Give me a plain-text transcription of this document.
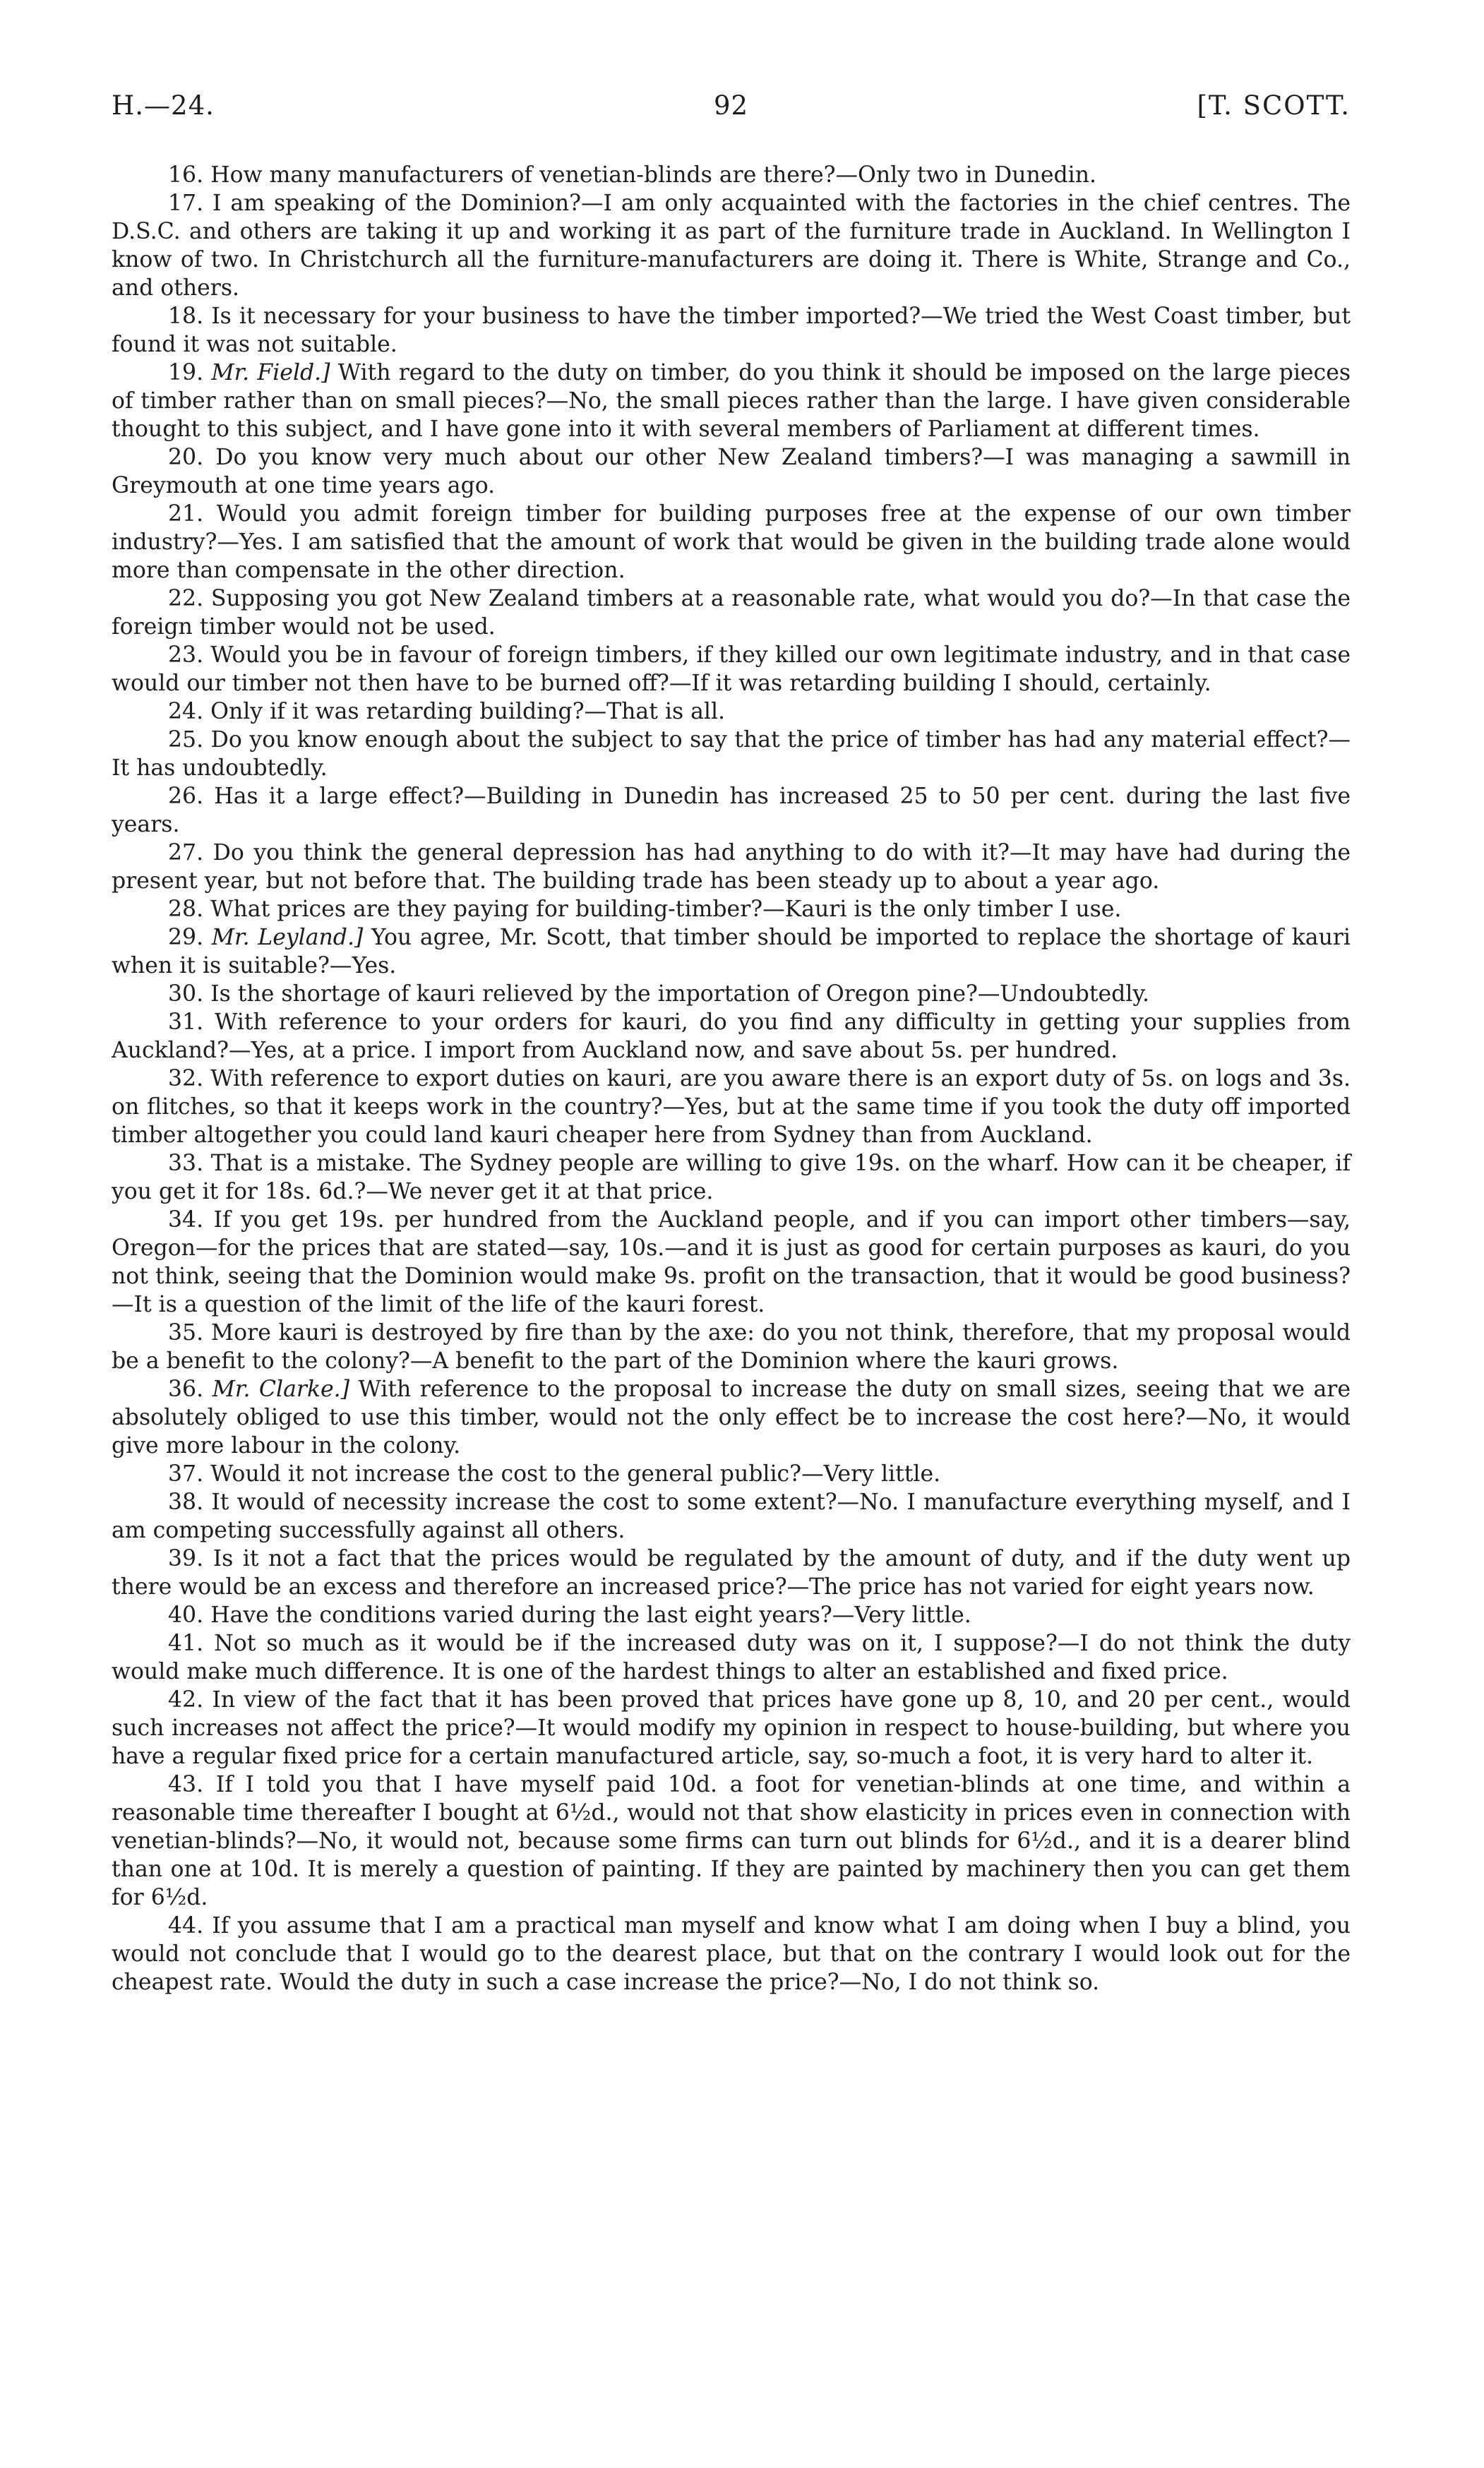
H.—24.	92	[T. SCOTT.

16. How many manufacturers of venetian-blinds are there?—Only two in Dunedin.

17. I am speaking of the Dominion?—I am only acquainted with the factories in the chief centres. The D.S.C. and others are taking it up and working it as part of the furniture trade in Auckland. In Wellington I know of two. In Christchurch all the furniture-manufacturers are doing it. There is White, Strange and Co., and others.

18. Is it necessary for your business to have the timber imported?—We tried the West Coast timber, but found it was not suitable.

19. Mr. Field.] With regard to the duty on timber, do you think it should be imposed on the large pieces of timber rather than on small pieces?—No, the small pieces rather than the large. I have given considerable thought to this subject, and I have gone into it with several members of Parliament at different times.

20. Do you know very much about our other New Zealand timbers?—I was managing a sawmill in Greymouth at one time years ago.

21. Would you admit foreign timber for building purposes free at the expense of our own timber industry?—Yes. I am satisfied that the amount of work that would be given in the building trade alone would more than compensate in the other direction.

22. Supposing you got New Zealand timbers at a reasonable rate, what would you do?—In that case the foreign timber would not be used.

23. Would you be in favour of foreign timbers, if they killed our own legitimate industry, and in that case would our timber not then have to be burned off?—If it was retarding building I should, certainly.

24. Only if it was retarding building?—That is all.

25. Do you know enough about the subject to say that the price of timber has had any material effect?—It has undoubtedly.

26. Has it a large effect?—Building in Dunedin has increased 25 to 50 per cent. during the last five years.

27. Do you think the general depression has had anything to do with it?—It may have had during the present year, but not before that. The building trade has been steady up to about a year ago.

28. What prices are they paying for building-timber?—Kauri is the only timber I use.

29. Mr. Leyland.] You agree, Mr. Scott, that timber should be imported to replace the shortage of kauri when it is suitable?—Yes.

30. Is the shortage of kauri relieved by the importation of Oregon pine?—Undoubtedly.

31. With reference to your orders for kauri, do you find any difficulty in getting your supplies from Auckland?—Yes, at a price. I import from Auckland now, and save about 5s. per hundred.

32. With reference to export duties on kauri, are you aware there is an export duty of 5s. on logs and 3s. on flitches, so that it keeps work in the country?—Yes, but at the same time if you took the duty off imported timber altogether you could land kauri cheaper here from Sydney than from Auckland.

33. That is a mistake. The Sydney people are willing to give 19s. on the wharf. How can it be cheaper, if you get it for 18s. 6d.?—We never get it at that price.

34. If you get 19s. per hundred from the Auckland people, and if you can import other timbers—say, Oregon—for the prices that are stated—say, 10s.—and it is just as good for certain purposes as kauri, do you not think, seeing that the Dominion would make 9s. profit on the transaction, that it would be good business?—It is a question of the limit of the life of the kauri forest.

35. More kauri is destroyed by fire than by the axe: do you not think, therefore, that my proposal would be a benefit to the colony?—A benefit to the part of the Dominion where the kauri grows.

36. Mr. Clarke.] With reference to the proposal to increase the duty on small sizes, seeing that we are absolutely obliged to use this timber, would not the only effect be to increase the cost here?—No, it would give more labour in the colony.

37. Would it not increase the cost to the general public?—Very little.

38. It would of necessity increase the cost to some extent?—No. I manufacture everything myself, and I am competing successfully against all others.

39. Is it not a fact that the prices would be regulated by the amount of duty, and if the duty went up there would be an excess and therefore an increased price?—The price has not varied for eight years now.

40. Have the conditions varied during the last eight years?—Very little.

41. Not so much as it would be if the increased duty was on it, I suppose?—I do not think the duty would make much difference. It is one of the hardest things to alter an established and fixed price.

42. In view of the fact that it has been proved that prices have gone up 8, 10, and 20 per cent., would such increases not affect the price?—It would modify my opinion in respect to house-building, but where you have a regular fixed price for a certain manufactured article, say, so-much a foot, it is very hard to alter it.

43. If I told you that I have myself paid 10d. a foot for venetian-blinds at one time, and within a reasonable time thereafter I bought at 6½d., would not that show elasticity in prices even in connection with venetian-blinds?—No, it would not, because some firms can turn out blinds for 6½d., and it is a dearer blind than one at 10d. It is merely a question of painting. If they are painted by machinery then you can get them for 6½d.

44. If you assume that I am a practical man myself and know what I am doing when I buy a blind, you would not conclude that I would go to the dearest place, but that on the contrary I would look out for the cheapest rate. Would the duty in such a case increase the price?—No, I do not think so.
